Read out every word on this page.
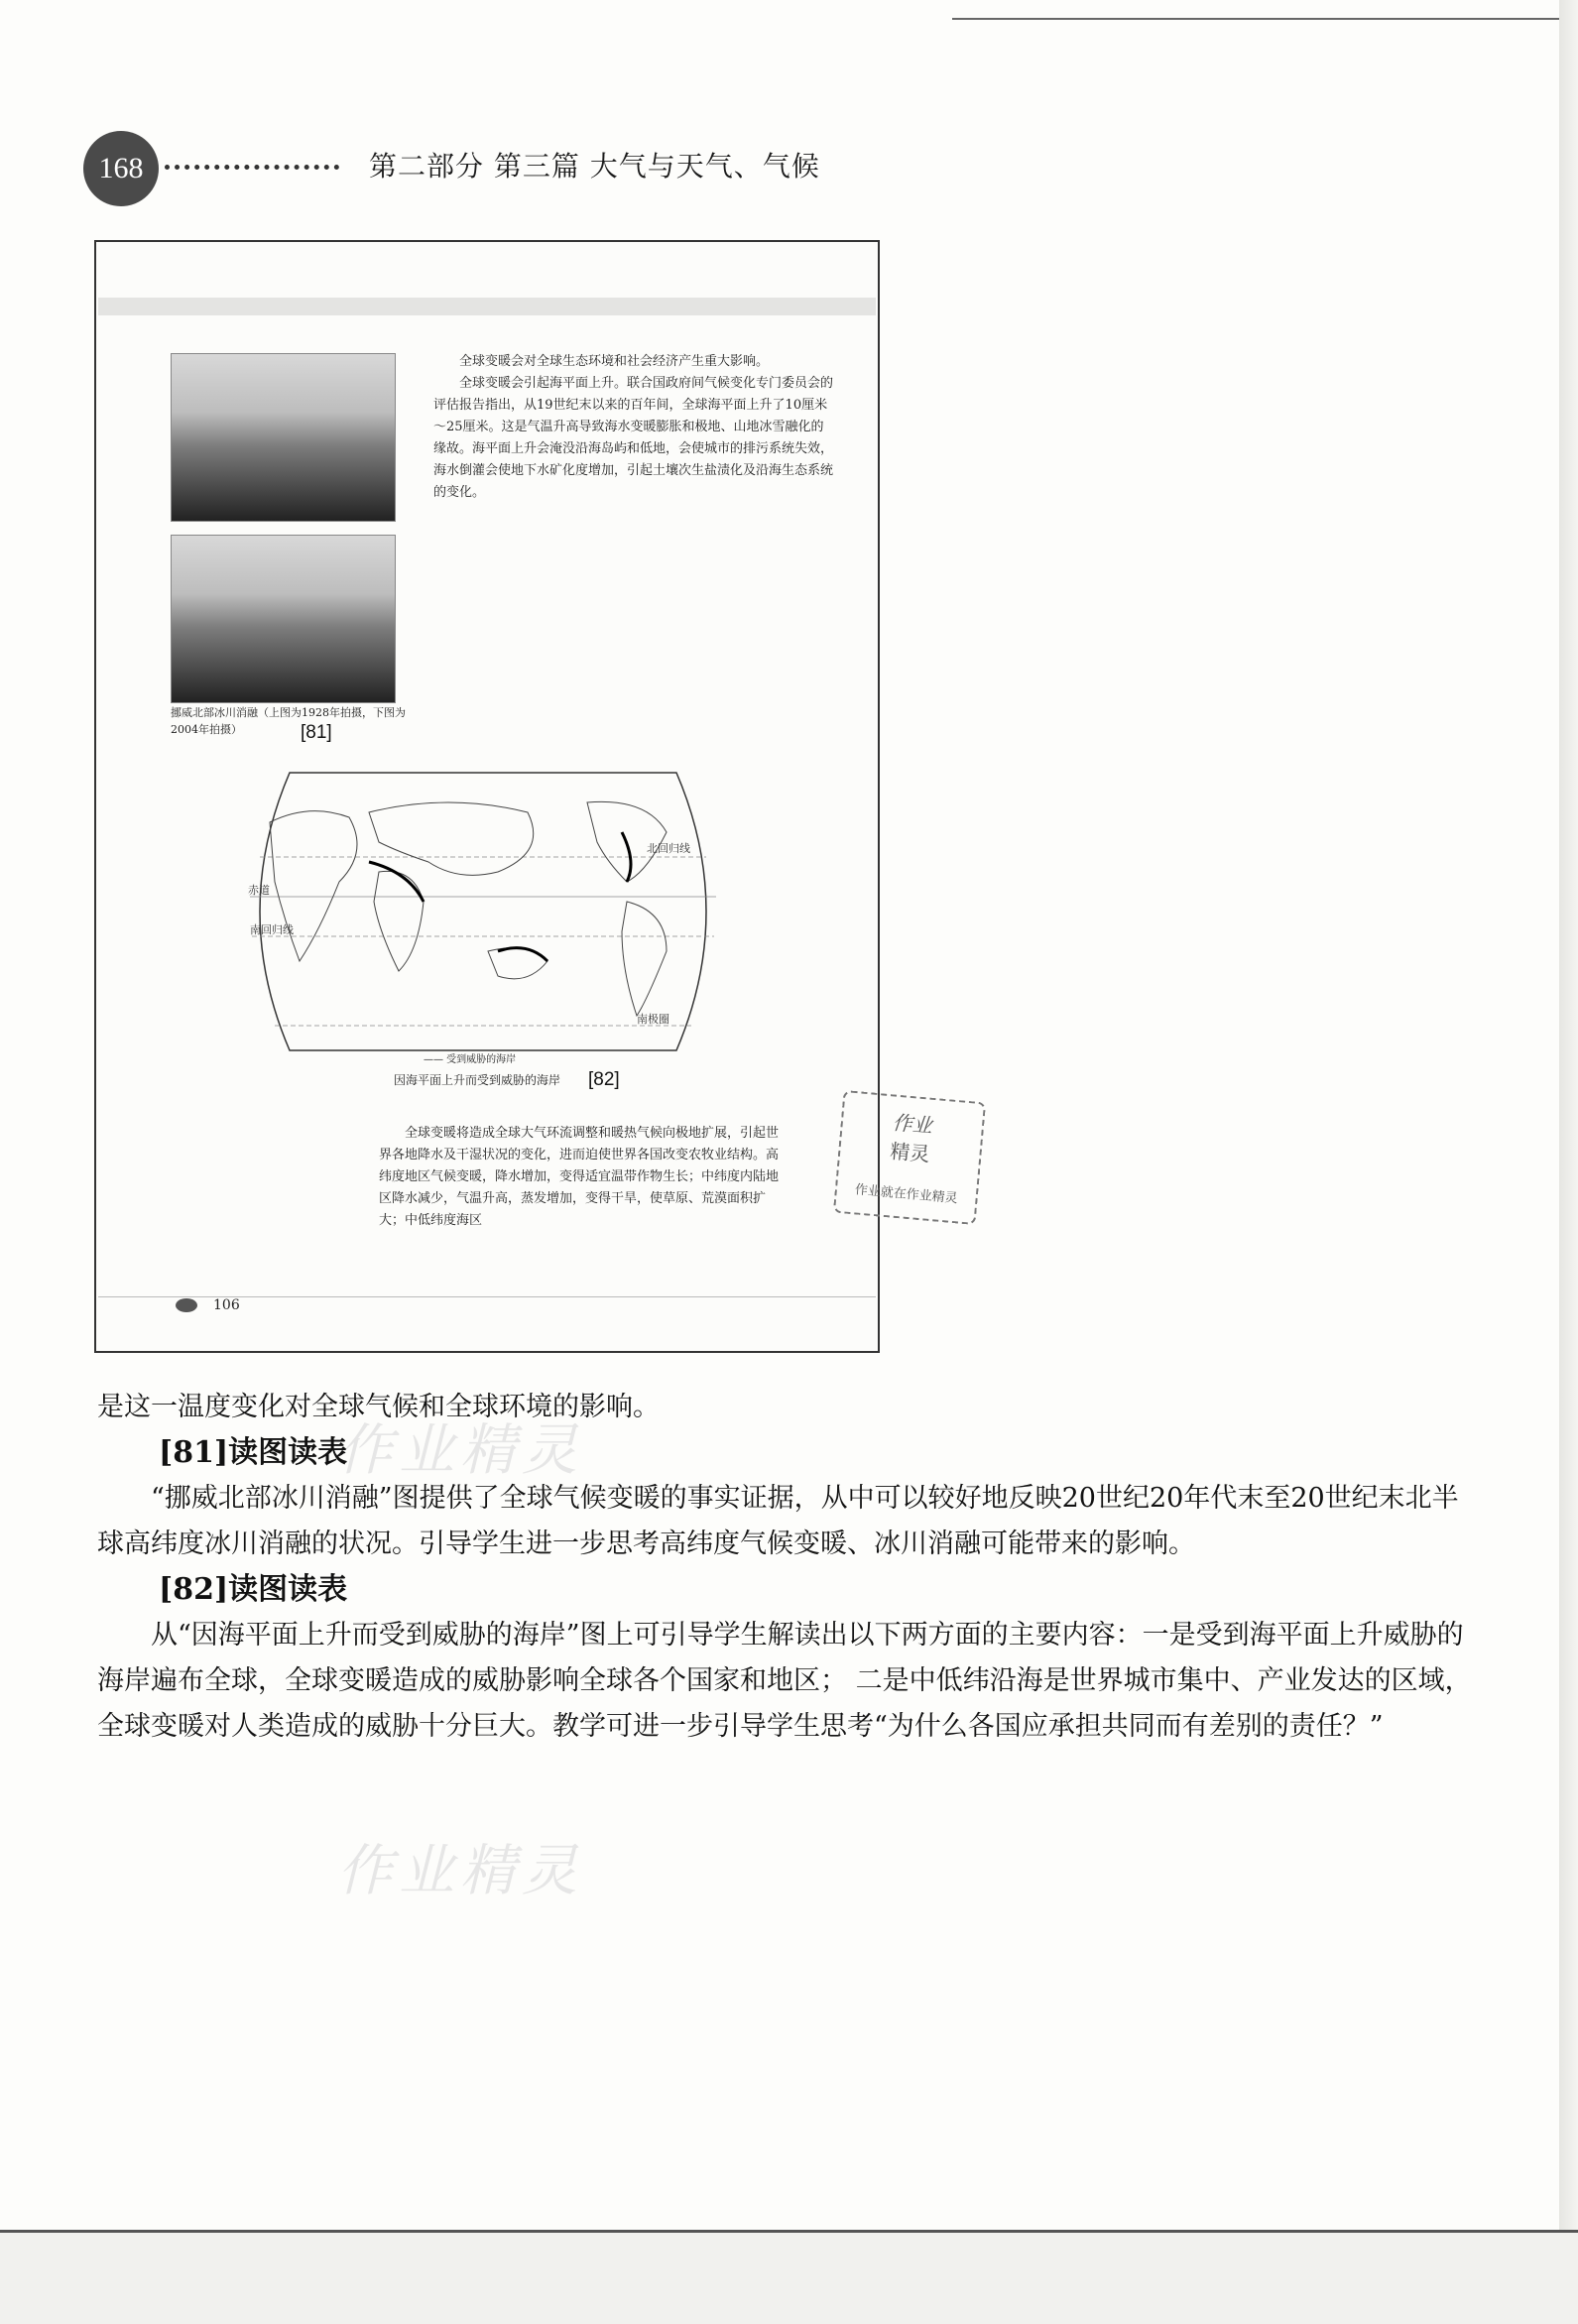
168	第二部分 第三篇 大气与天气、气候
挪威北部冰川消融（上图为1928年拍摄，下图为2004年拍摄）	[81]

全球变暖会对全球生态环境和社会经济产生重大影响。

全球变暖会引起海平面上升。联合国政府间气候变化专门委员会的评估报告指出，从19世纪末以来的百年间，全球海平面上升了10厘米～25厘米。这是气温升高导致海水变暖膨胀和极地、山地冰雪融化的缘故。海平面上升会淹没沿海岛屿和低地，会使城市的排污系统失效，海水倒灌会使地下水矿化度增加，引起土壤次生盐渍化及沿海生态系统的变化。

北回归线
赤道
南回归线
南极圈
—— 受到威胁的海岸
因海平面上升而受到威胁的海岸 [82]

全球变暖将造成全球大气环流调整和暖热气候向极地扩展，引起世界各地降水及干湿状况的变化，进而迫使世界各国改变农牧业结构。高纬度地区气候变暖，降水增加，变得适宜温带作物生长；中纬度内陆地区降水减少，气温升高，蒸发增加，变得干旱，使草原、荒漠面积扩大；中低纬度海区

106
作业
精灵
作业就在作业精灵
作业精灵
作业精灵

是这一温度变化对全球气候和全球环境的影响。

[81]读图读表

“挪威北部冰川消融”图提供了全球气候变暖的事实证据，从中可以较好地反映20世纪20年代末至20世纪末北半球高纬度冰川消融的状况。引导学生进一步思考高纬度气候变暖、冰川消融可能带来的影响。

[82]读图读表

从“因海平面上升而受到威胁的海岸”图上可引导学生解读出以下两方面的主要内容：一是受到海平面上升威胁的海岸遍布全球，全球变暖造成的威胁影响全球各个国家和地区； 二是中低纬沿海是世界城市集中、产业发达的区域，全球变暖对人类造成的威胁十分巨大。教学可进一步引导学生思考“为什么各国应承担共同而有差别的责任？”
